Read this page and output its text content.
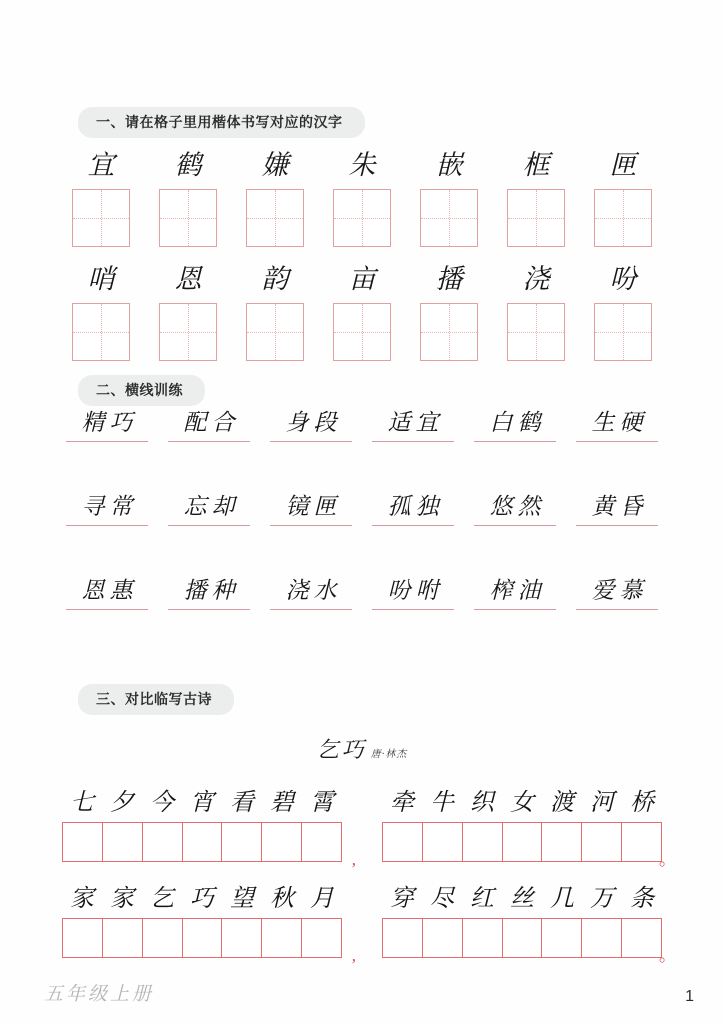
一、请在格子里用楷体书写对应的汉字
宜 鹤 嫌 朱 嵌 框 匣
哨 恩 韵 亩 播 浇 吩
二、横线训练
精巧 配合 身段 适宜 白鹤 生硬
寻常 忘却 镜匣 孤独 悠然 黄昏
恩惠 播种 浇水 吩咐 榨油 爱慕
三、对比临写古诗
乞巧 唐·林杰
七 夕 今 宵 看 碧 霄
,
牵 牛 织 女 渡 河 桥
。
家 家 乞 巧 望 秋 月
,
穿 尽 红 丝 几 万 条
。
五年级上册	1
